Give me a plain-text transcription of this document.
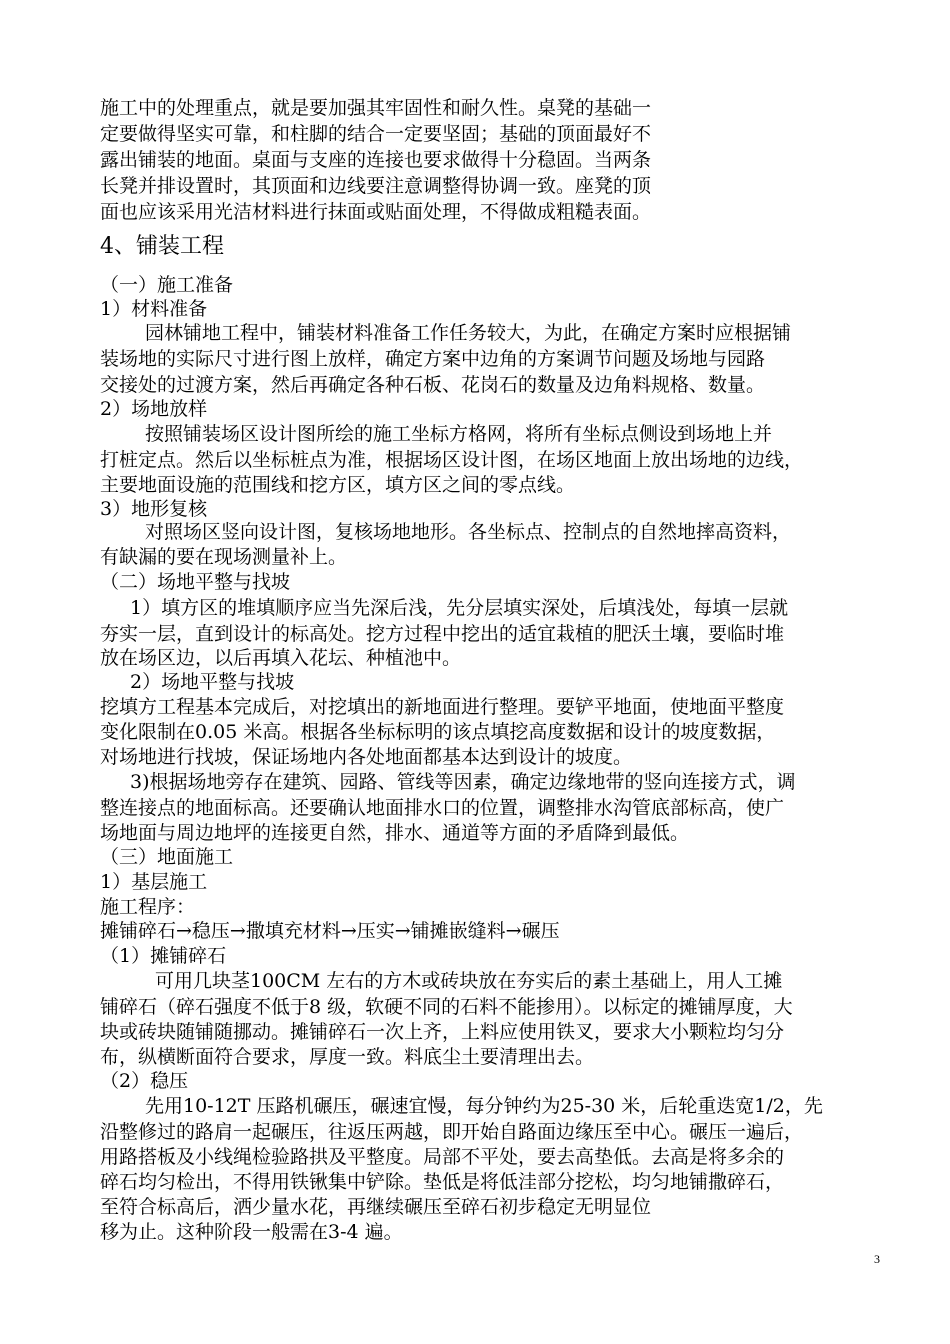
施工中的处理重点，就是要加强其牢固性和耐久性。桌凳的基础一
定要做得坚实可靠，和柱脚的结合一定要坚固；基础的顶面最好不
露出铺装的地面。桌面与支座的连接也要求做得十分稳固。当两条
长凳并排设置时，其顶面和边线要注意调整得协调一致。座凳的顶
面也应该采用光洁材料进行抹面或贴面处理，不得做成粗糙表面。
4、铺装工程
（一）施工准备
1）材料准备
园林铺地工程中，铺装材料准备工作任务较大，为此，在确定方案时应根据铺
装场地的实际尺寸进行图上放样，确定方案中边角的方案调节问题及场地与园路
交接处的过渡方案，然后再确定各种石板、花岗石的数量及边角料规格、数量。
2）场地放样
按照铺装场区设计图所绘的施工坐标方格网，将所有坐标点侧设到场地上并
打桩定点。然后以坐标桩点为准，根据场区设计图，在场区地面上放出场地的边线，
主要地面设施的范围线和挖方区，填方区之间的零点线。
3）地形复核
对照场区竖向设计图，复核场地地形。各坐标点、控制点的自然地摔高资料，
有缺漏的要在现场测量补上。
（二）场地平整与找坡
1）填方区的堆填顺序应当先深后浅，先分层填实深处，后填浅处，每填一层就
夯实一层，直到设计的标高处。挖方过程中挖出的适宜栽植的肥沃土壤，要临时堆
放在场区边，以后再填入花坛、种植池中。
2）场地平整与找坡
挖填方工程基本完成后，对挖填出的新地面进行整理。要铲平地面，使地面平整度
变化限制在0.05 米高。根据各坐标标明的该点填挖高度数据和设计的坡度数据，
对场地进行找坡，保证场地内各处地面都基本达到设计的坡度。
3)根据场地旁存在建筑、园路、管线等因素，确定边缘地带的竖向连接方式，调
整连接点的地面标高。还要确认地面排水口的位置，调整排水沟管底部标高，使广
场地面与周边地坪的连接更自然，排水、通道等方面的矛盾降到最低。
（三）地面施工
1）基层施工
施工程序：
摊铺碎石→稳压→撒填充材料→压实→铺摊嵌缝料→碾压
（1）摊铺碎石
可用几块茎100CM 左右的方木或砖块放在夯实后的素土基础上，用人工摊
铺碎石（碎石强度不低于8 级，软硬不同的石料不能掺用）。以标定的摊铺厚度，大
块或砖块随铺随挪动。摊铺碎石一次上齐，上料应使用铁叉，要求大小颗粒均匀分
布，纵横断面符合要求，厚度一致。料底尘土要清理出去。
（2）稳压
先用10-12T 压路机碾压，碾速宜慢，每分钟约为25-30 米，后轮重迭宽1/2，先
沿整修过的路肩一起碾压，往返压两越，即开始自路面边缘压至中心。碾压一遍后，
用路搭板及小线绳检验路拱及平整度。局部不平处，要去高垫低。去高是将多余的
碎石均匀检出，不得用铁锹集中铲除。垫低是将低洼部分挖松，均匀地铺撒碎石，
至符合标高后，洒少量水花，再继续碾压至碎石初步稳定无明显位
移为止。这种阶段一般需在3-4 遍。
3
